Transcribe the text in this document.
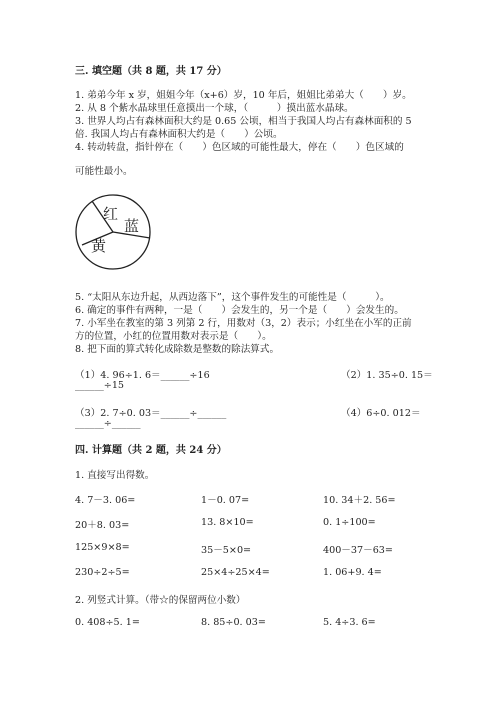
三. 填空题（共 8 题，共 17 分）
1. 弟弟今年 x 岁，姐姐今年（x+6）岁，10 年后，姐姐比弟弟大（　　）岁。
2. 从 8 个紫水晶球里任意摸出一个球，（　　　）摸出蓝水晶球。
3. 世界人均占有森林面积大约是 0.65 公顷，相当于我国人均占有森林面积的 5
倍. 我国人均占有森林面积大约是（　　）公顷。
4. 转动转盘，指针停在（　　）色区域的可能性最大，停在（　　）色区域的
可能性最小。
红
蓝
黄
5. “太阳从东边升起，从西边落下”，这个事件发生的可能性是（　　　）。
6. 确定的事件有两种，一是（　　）会发生的，另一个是（　　）会发生的。
7. 小军坐在教室的第 3 列第 2 行，用数对（3，2）表示；小红坐在小军的正前
方的位置，小红的位置用数对表示是（　　）。
8. 把下面的算式转化成除数是整数的除法算式。
（1）4. 96÷1. 6＝______÷16	（2）1. 35÷0. 15＝
______÷15
（3）2. 7÷0. 03＝______÷______	（4）6÷0. 012＝
______÷______
四. 计算题（共 2 题，共 24 分）
1. 直接写出得数。
4. 7－3. 06=	1－0. 07=	10. 34＋2. 56=
20＋8. 03=	13. 8×10=	0. 1÷100=
125×9×8=	35－5×0=	400－37－63=
230÷2÷5=	25×4÷25×4=	1. 06+9. 4=
2. 列竖式计算。（带☆的保留两位小数）
0. 408÷5. 1=	8. 85÷0. 03=	5. 4÷3. 6=
